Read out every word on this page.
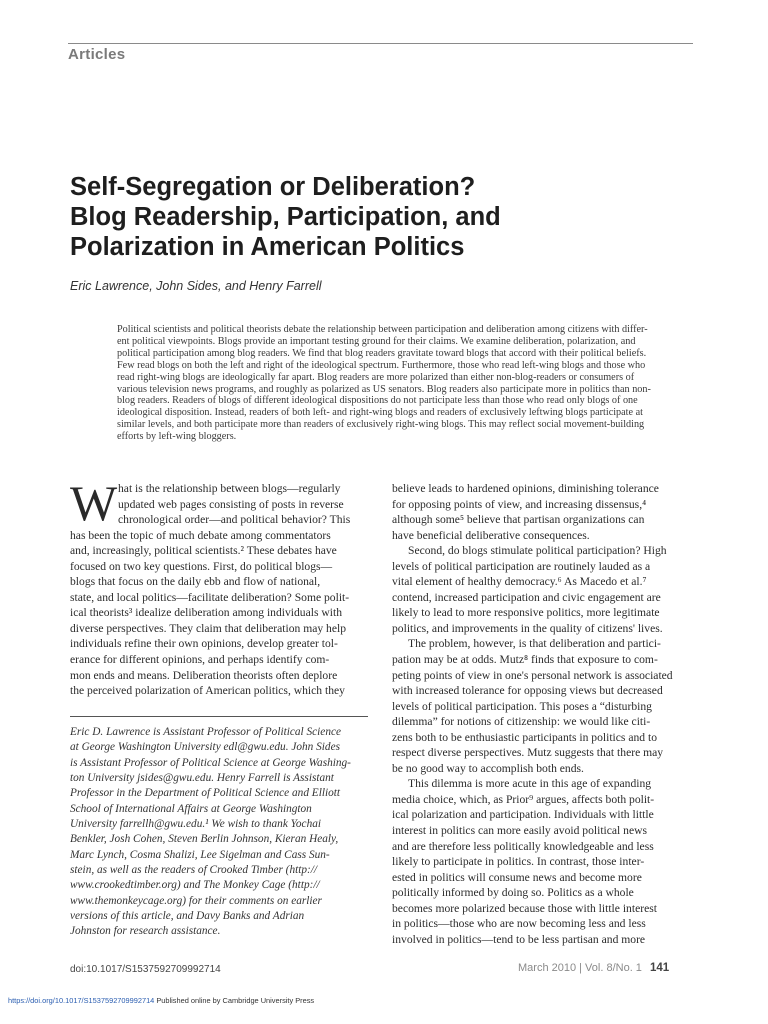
Articles
Self-Segregation or Deliberation?
Blog Readership, Participation, and
Polarization in American Politics
Eric Lawrence, John Sides, and Henry Farrell
Political scientists and political theorists debate the relationship between participation and deliberation among citizens with differ-
ent political viewpoints. Blogs provide an important testing ground for their claims. We examine deliberation, polarization, and
political participation among blog readers. We find that blog readers gravitate toward blogs that accord with their political beliefs.
Few read blogs on both the left and right of the ideological spectrum. Furthermore, those who read left-wing blogs and those who
read right-wing blogs are ideologically far apart. Blog readers are more polarized than either non-blog-readers or consumers of
various television news programs, and roughly as polarized as US senators. Blog readers also participate more in politics than non-
blog readers. Readers of blogs of different ideological dispositions do not participate less than those who read only blogs of one
ideological disposition. Instead, readers of both left- and right-wing blogs and readers of exclusively leftwing blogs participate at
similar levels, and both participate more than readers of exclusively right-wing blogs. This may reflect social movement-building
efforts by left-wing bloggers.
W hat is the relationship between blogs—regularly
updated web pages consisting of posts in reverse
chronological order—and political behavior? This
has been the topic of much debate among commentators
and, increasingly, political scientists.² These debates have
focused on two key questions. First, do political blogs—
blogs that focus on the daily ebb and flow of national,
state, and local politics—facilitate deliberation? Some polit-
ical theorists³ idealize deliberation among individuals with
diverse perspectives. They claim that deliberation may help
individuals refine their own opinions, develop greater tol-
erance for different opinions, and perhaps identify com-
mon ends and means. Deliberation theorists often deplore
the perceived polarization of American politics, which they
Eric D. Lawrence is Assistant Professor of Political Science
at George Washington University edl@gwu.edu. John Sides
is Assistant Professor of Political Science at George Washing-
ton University jsides@gwu.edu. Henry Farrell is Assistant
Professor in the Department of Political Science and Elliott
School of International Affairs at George Washington
University farrellh@gwu.edu.¹ We wish to thank Yochai
Benkler, Josh Cohen, Steven Berlin Johnson, Kieran Healy,
Marc Lynch, Cosma Shalizi, Lee Sigelman and Cass Sun-
stein, as well as the readers of Crooked Timber (http://
www.crookedtimber.org) and The Monkey Cage (http://
www.themonkeycage.org) for their comments on earlier
versions of this article, and Davy Banks and Adrian
Johnston for research assistance.
believe leads to hardened opinions, diminishing tolerance
for opposing points of view, and increasing dissensus,⁴
although some⁵ believe that partisan organizations can
have beneficial deliberative consequences.
Second, do blogs stimulate political participation? High
levels of political participation are routinely lauded as a
vital element of healthy democracy.⁶ As Macedo et al.⁷
contend, increased participation and civic engagement are
likely to lead to more responsive politics, more legitimate
politics, and improvements in the quality of citizens' lives.
The problem, however, is that deliberation and partici-
pation may be at odds. Mutz⁸ finds that exposure to com-
peting points of view in one's personal network is associated
with increased tolerance for opposing views but decreased
levels of political participation. This poses a “disturbing
dilemma” for notions of citizenship: we would like citi-
zens both to be enthusiastic participants in politics and to
respect diverse perspectives. Mutz suggests that there may
be no good way to accomplish both ends.
This dilemma is more acute in this age of expanding
media choice, which, as Prior⁹ argues, affects both polit-
ical polarization and participation. Individuals with little
interest in politics can more easily avoid political news
and are therefore less politically knowledgeable and less
likely to participate in politics. In contrast, those inter-
ested in politics will consume news and become more
politically informed by doing so. Politics as a whole
becomes more polarized because those with little interest
in politics—those who are now becoming less and less
involved in politics—tend to be less partisan and more
doi:10.1017/S1537592709992714	March 2010 | Vol. 8/No. 1 141
https://doi.org/10.1017/S1537592709992714 Published online by Cambridge University Press
